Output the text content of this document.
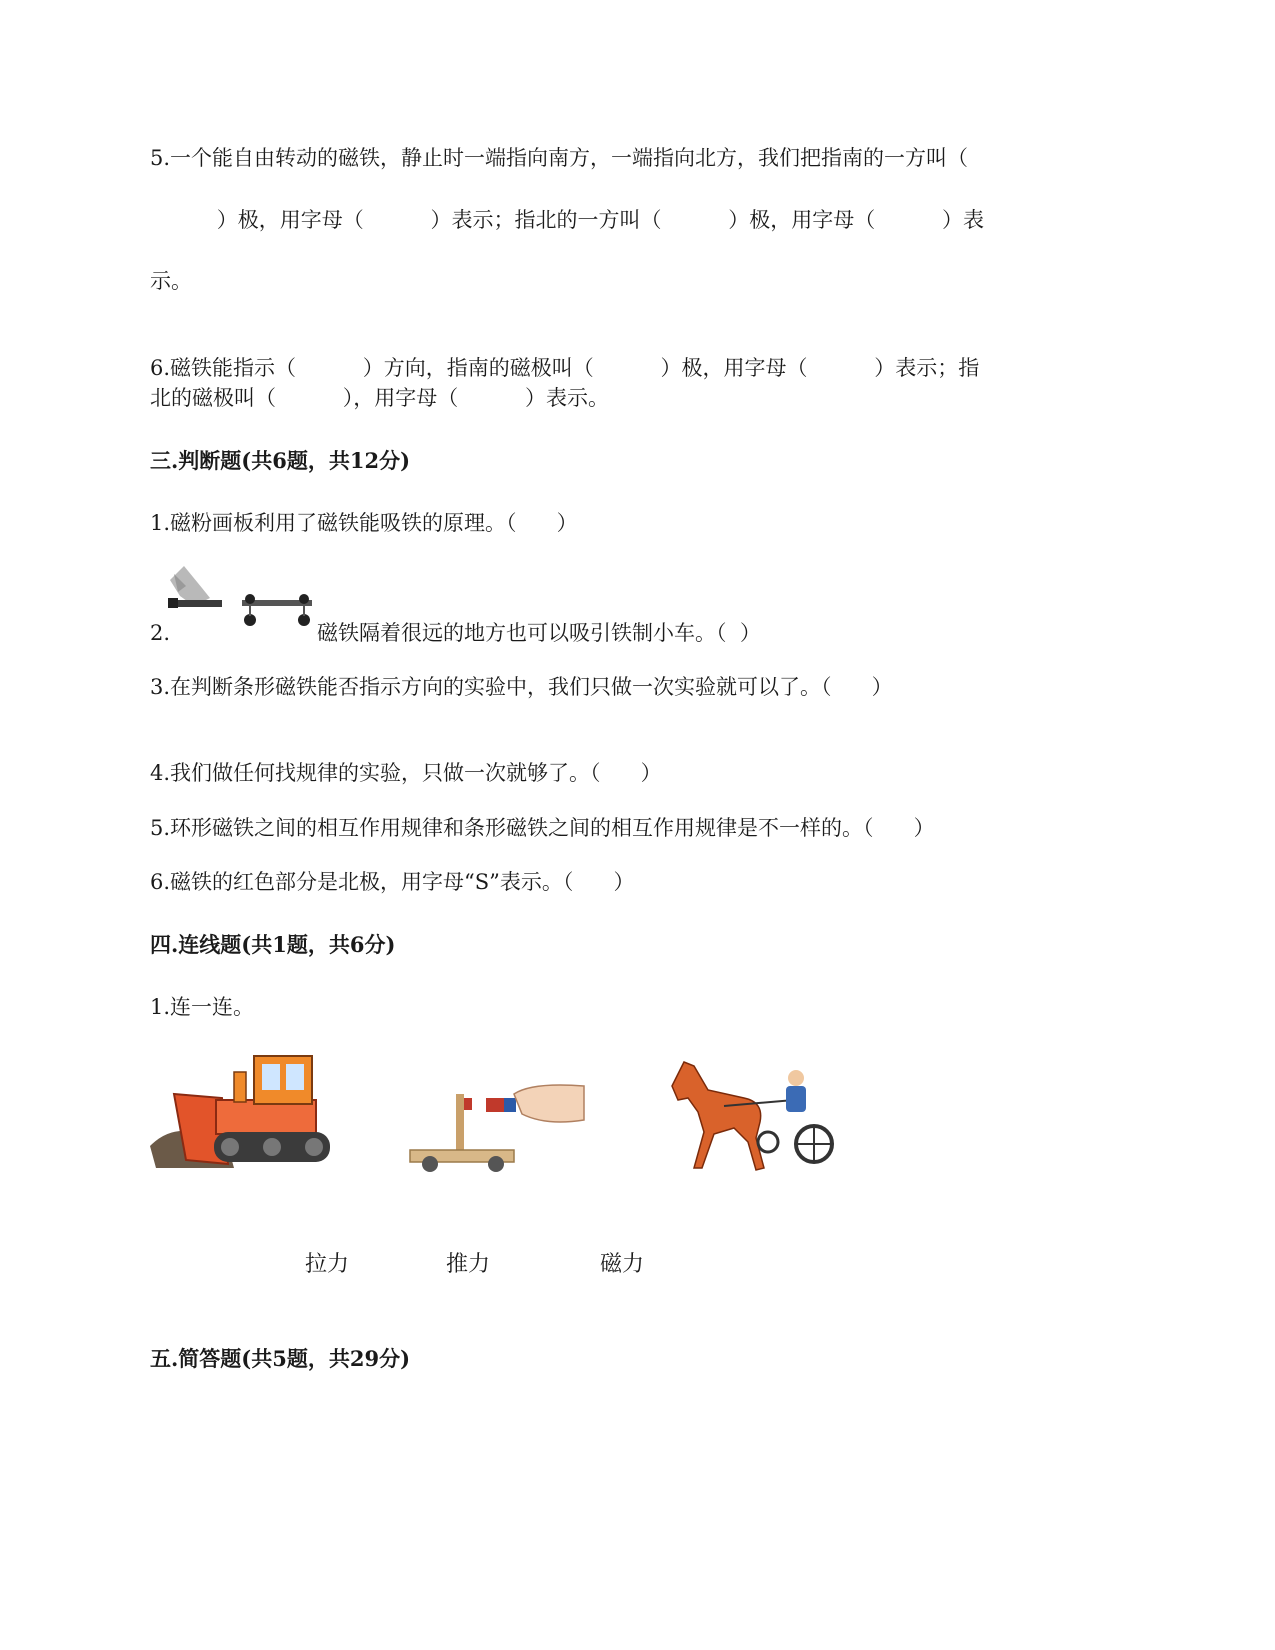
5.一个能自由转动的磁铁，静止时一端指向南方，一端指向北方，我们把指南的一方叫（

）极，用字母（          ）表示；指北的一方叫（          ）极，用字母（          ）表

示。

6.磁铁能指示（          ）方向，指南的磁极叫（          ）极，用字母（          ）表示；指

北的磁极叫（          ），用字母（          ）表示。

三.判断题(共6题，共12分)

1.磁粉画板利用了磁铁能吸铁的原理。（      ）

2.	磁铁隔着很远的地方也可以吸引铁制小车。（  ）

3.在判断条形磁铁能否指示方向的实验中，我们只做一次实验就可以了。（      ）

4.我们做任何找规律的实验，只做一次就够了。（      ）

5.环形磁铁之间的相互作用规律和条形磁铁之间的相互作用规律是不一样的。（      ）

6.磁铁的红色部分是北极，用字母“S”表示。（      ）

四.连线题(共1题，共6分)

1.连一连。

拉力	推力	磁力

五.简答题(共5题，共29分)
